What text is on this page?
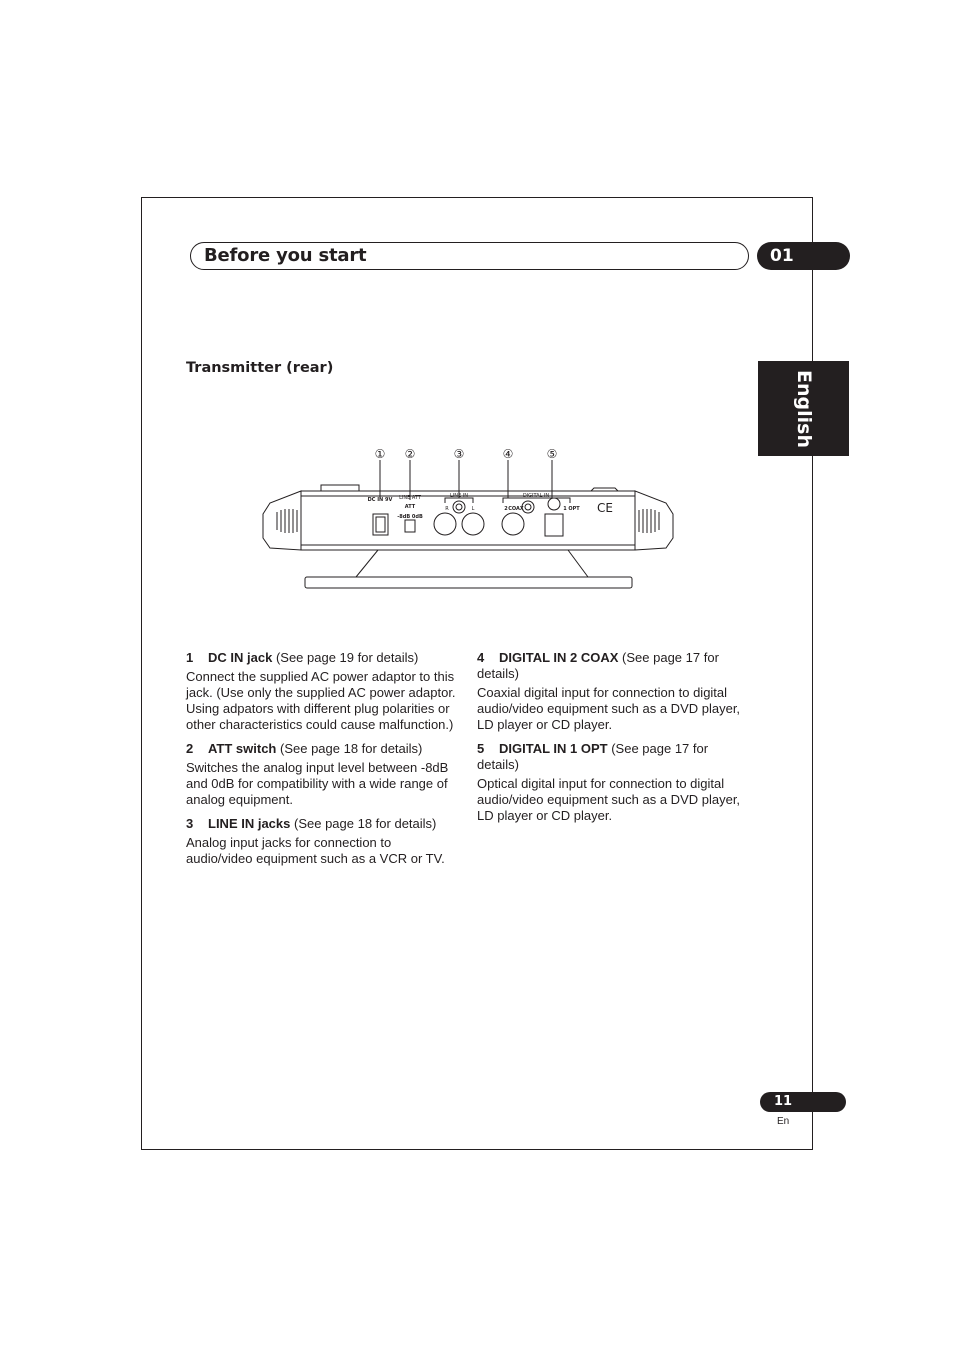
Before you start	01
English
Transmitter (rear)
① ②	③	④	⑤
DC IN 9V LINE ATT
ATT
-8dB 0dB
LINE IN
R	L
DIGITAL IN
2 COAX	1 OPT CE

1 DC IN jack (See page 19 for details)

Connect the supplied AC power adaptor to this jack. (Use only the supplied AC power adaptor. Using adpators with different plug polarities or other characteristics could cause malfunction.)

2 ATT switch (See page 18 for details)

Switches the analog input level between -8dB and 0dB for compatibility with a wide range of analog equipment.

3 LINE IN jacks (See page 18 for details)

Analog input jacks for connection to audio/video equipment such as a VCR or TV.

4 DIGITAL IN 2 COAX (See page 17 for details)

Coaxial digital input for connection to digital audio/video equipment such as a DVD player, LD player or CD player.

5 DIGITAL IN 1 OPT (See page 17 for details)

Optical digital input for connection to digital audio/video equipment such as a DVD player, LD player or CD player.

11
En
